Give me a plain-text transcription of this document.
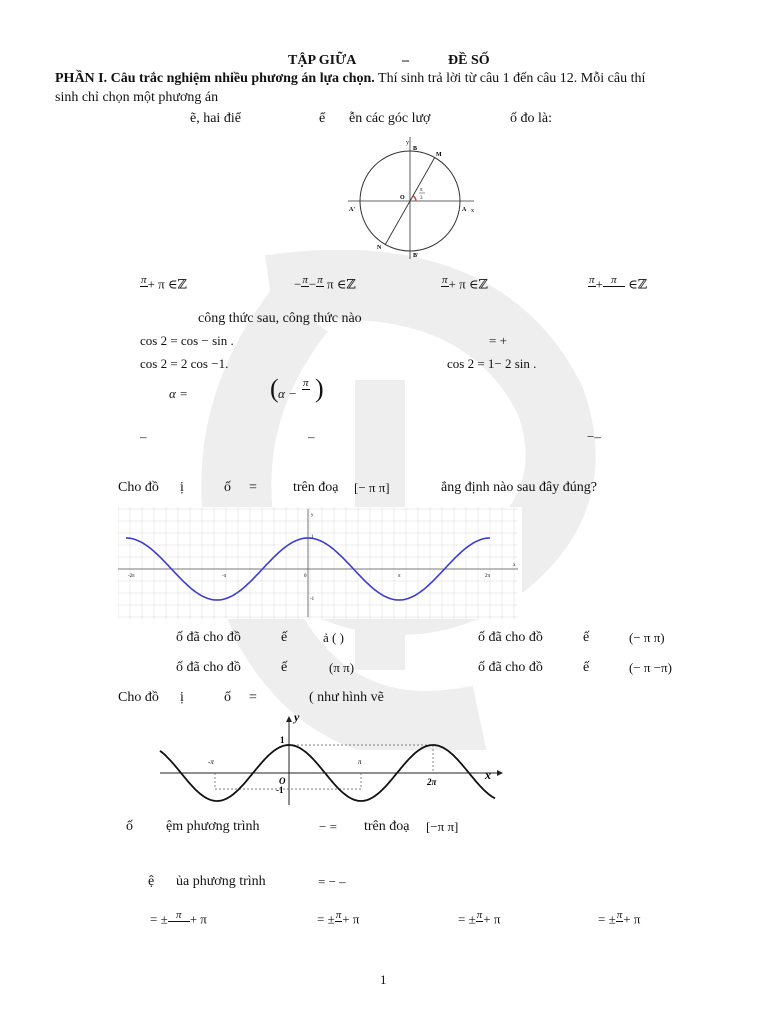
TẬP GIỮA	–	ĐỀ SỐ
PHẦN I. Câu trắc nghiệm nhiều phương án lựa chọn. Thí sinh trả lời từ câu 1 đến câu 12. Mỗi câu thí
sinh chỉ chọn một phương án
ẽ, hai điể	ể ễn các góc lượ	ố đo là:
y
x
B
M
O
A'	A
N
B'
π
3
π + π ∈ℤ	− π − π π ∈ℤ	π + π ∈ℤ	π + π ∈ℤ
công thức sau, công thức nào
cos 2 = cos − sin .	= +
cos 2 = 2 cos −1.	cos 2 = 1− 2 sin .
α =	( α −
π )
–	–	−–
Cho đồ ị	ố =	trên đoạ [− π π]	ẳng định nào sau đây đúng?
y
x
-2π	-π	0	π	2π
1
-1
ố đã cho đồ	ế	ả ( )	ố đã cho đồ	ế	(− π π)
ố đã cho đồ	ế	(π π)	ố đã cho đồ	ế	(− π −π)
Cho đồ ị	ố =	( như hình vẽ
y
x
1
-1
O
-π	π
2π
ố ệm phương trình	− = trên đoạ [−π π]
ệ ủa phương trình	= − –
= ± π + π	= ± π + π	= ± π + π	= ± π + π
1
